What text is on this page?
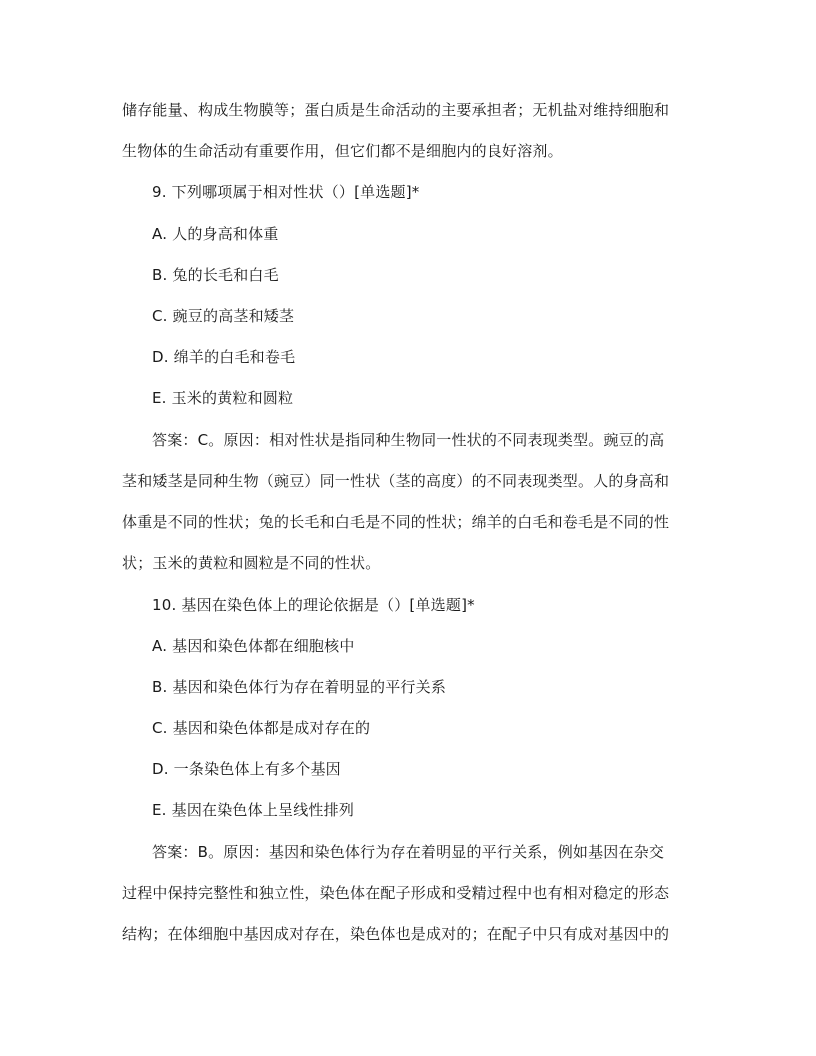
储存能量、构成生物膜等；蛋白质是生命活动的主要承担者；无机盐对维持细胞和
生物体的生命活动有重要作用，但它们都不是细胞内的良好溶剂。
9. 下列哪项属于相对性状（）[单选题]*
A. 人的身高和体重
B. 兔的长毛和白毛
C. 豌豆的高茎和矮茎
D. 绵羊的白毛和卷毛
E. 玉米的黄粒和圆粒
答案：C。原因：相对性状是指同种生物同一性状的不同表现类型。豌豆的高
茎和矮茎是同种生物（豌豆）同一性状（茎的高度）的不同表现类型。人的身高和
体重是不同的性状；兔的长毛和白毛是不同的性状；绵羊的白毛和卷毛是不同的性
状；玉米的黄粒和圆粒是不同的性状。
10. 基因在染色体上的理论依据是（）[单选题]*
A. 基因和染色体都在细胞核中
B. 基因和染色体行为存在着明显的平行关系
C. 基因和染色体都是成对存在的
D. 一条染色体上有多个基因
E. 基因在染色体上呈线性排列
答案：B。原因：基因和染色体行为存在着明显的平行关系，例如基因在杂交
过程中保持完整性和独立性，染色体在配子形成和受精过程中也有相对稳定的形态
结构；在体细胞中基因成对存在，染色体也是成对的；在配子中只有成对基因中的
